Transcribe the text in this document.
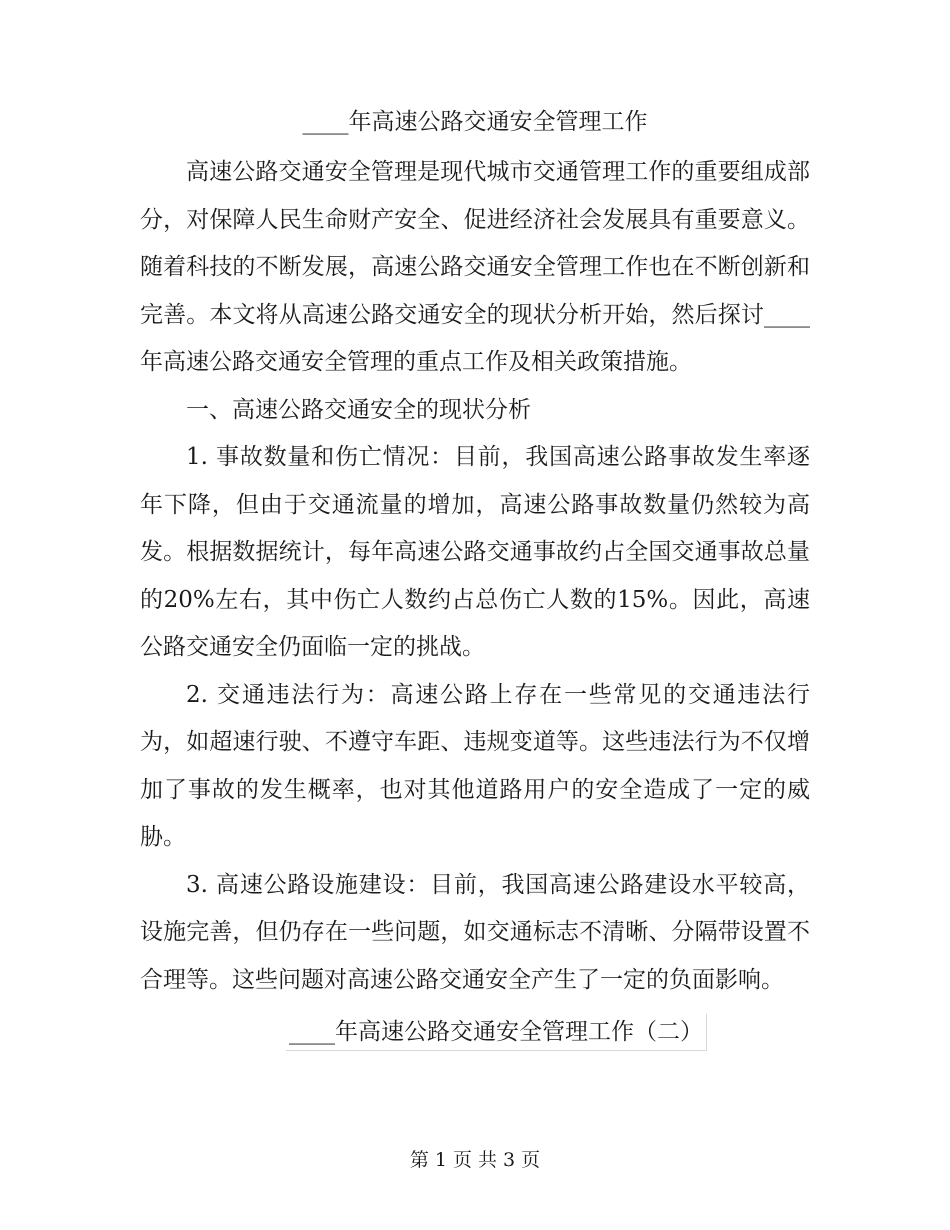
____年高速公路交通安全管理工作

高速公路交通安全管理是现代城市交通管理工作的重要组成部分，对保障人民生命财产安全、促进经济社会发展具有重要意义。随着科技的不断发展，高速公路交通安全管理工作也在不断创新和完善。本文将从高速公路交通安全的现状分析开始，然后探讨____年高速公路交通安全管理的重点工作及相关政策措施。

一、高速公路交通安全的现状分析

1. 事故数量和伤亡情况：目前，我国高速公路事故发生率逐年下降，但由于交通流量的增加，高速公路事故数量仍然较为高发。根据数据统计，每年高速公路交通事故约占全国交通事故总量的20%左右，其中伤亡人数约占总伤亡人数的15%。因此，高速公路交通安全仍面临一定的挑战。

2. 交通违法行为：高速公路上存在一些常见的交通违法行为，如超速行驶、不遵守车距、违规变道等。这些违法行为不仅增加了事故的发生概率，也对其他道路用户的安全造成了一定的威胁。

3. 高速公路设施建设：目前，我国高速公路建设水平较高，设施完善，但仍存在一些问题，如交通标志不清晰、分隔带设置不合理等。这些问题对高速公路交通安全产生了一定的负面影响。

____年高速公路交通安全管理工作（二）
第 1 页 共 3 页
